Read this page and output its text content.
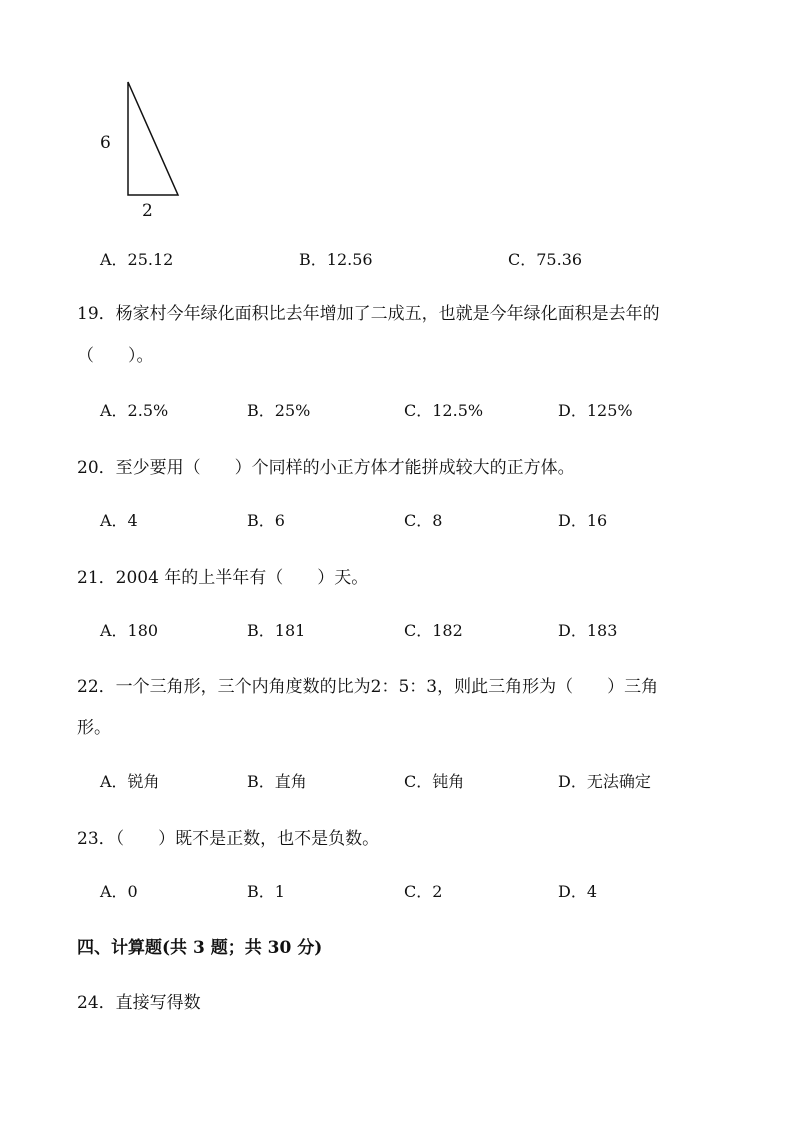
6
2
A．25.12	B．12.56	C．75.36
19．杨家村今年绿化面积比去年增加了二成五，也就是今年绿化面积是去年的
（　　）。
A．2.5%	B．25%	C．12.5%	D．125%
20．至少要用（　　）个同样的小正方体才能拼成较大的正方体。
A．4	B．6	C．8	D．16
21．2004 年的上半年有（　　）天。
A．180	B．181	C．182	D．183
22．一个三角形，三个内角度数的比为2：5：3，则此三角形为（　　）三角
形。
A．锐角	B．直角	C．钝角	D．无法确定
23．（　　）既不是正数，也不是负数。
A．0	B．1	C．2	D．4
四、计算题(共 3 题；共 30 分)
24．直接写得数
